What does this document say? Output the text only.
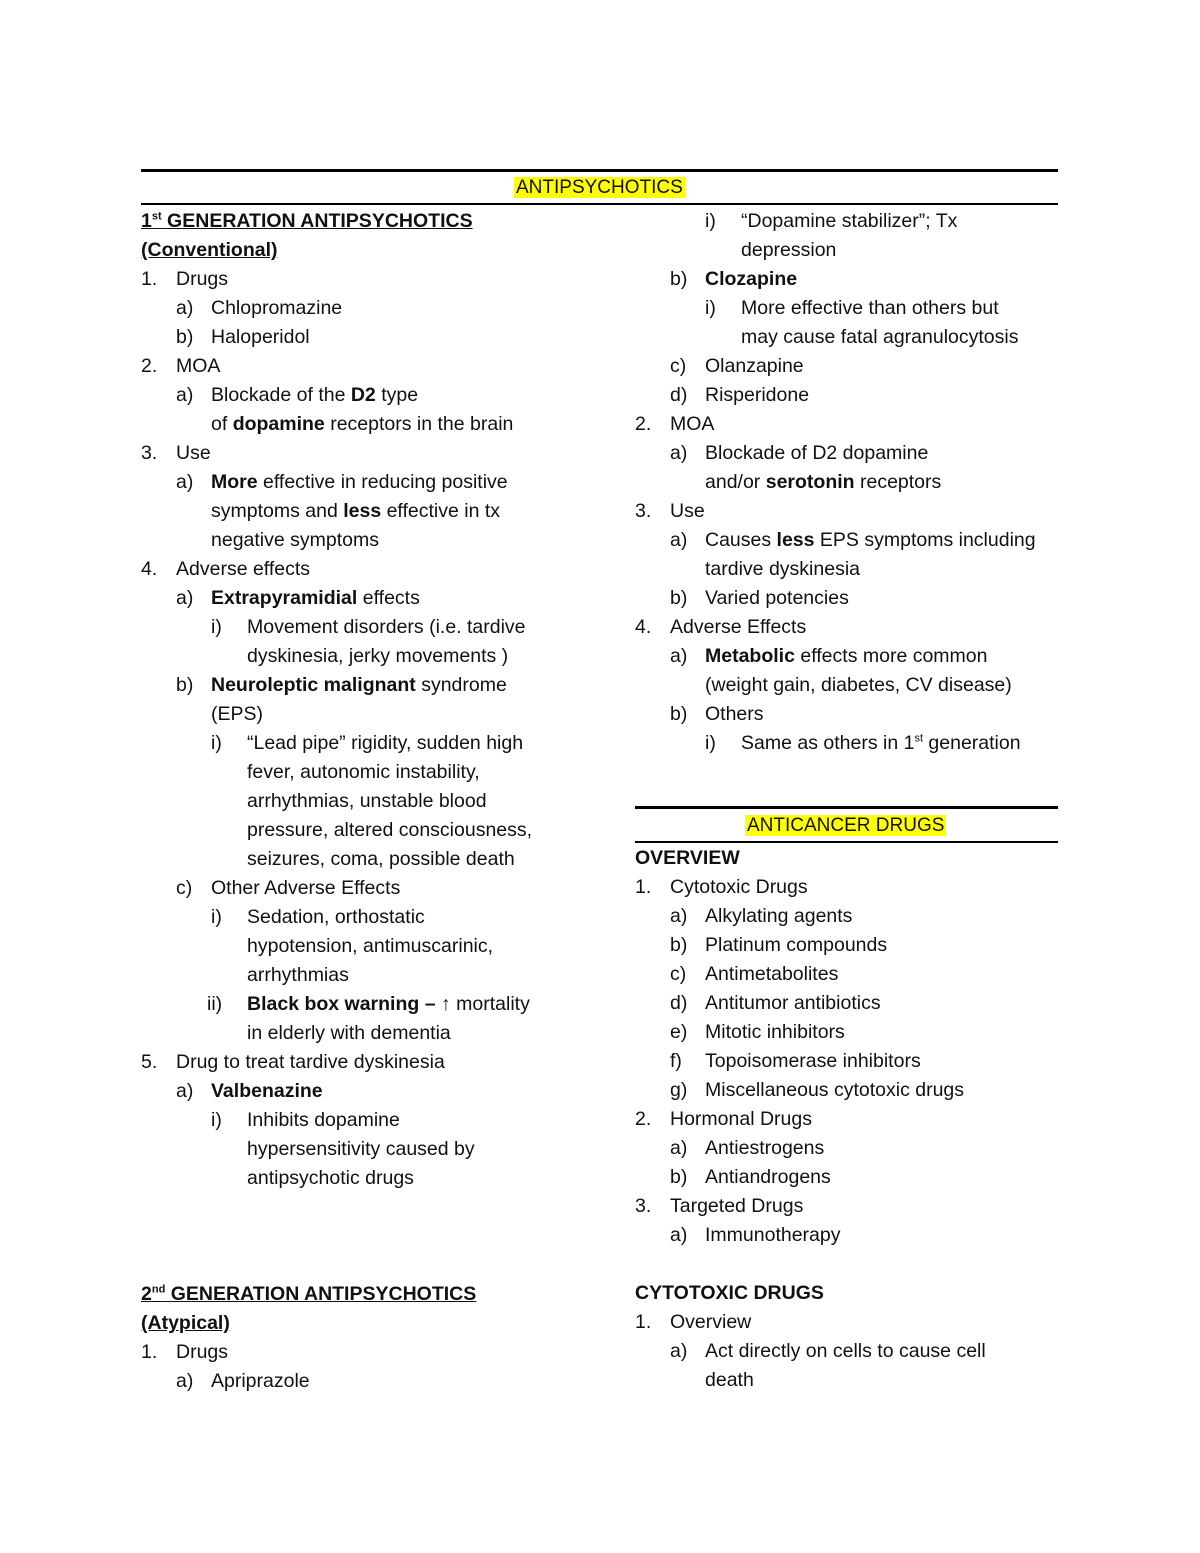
ANTIPSYCHOTICS
1st GENERATION ANTIPSYCHOTICS
(Conventional)
1. Drugs
a) Chlopromazine
b) Haloperidol
2. MOA
a) Blockade of the D2 type
of dopamine receptors in the brain
3. Use
a) More effective in reducing positive
symptoms and less effective in tx
negative symptoms
4. Adverse effects
a) Extrapyramidial effects
i) Movement disorders (i.e. tardive
dyskinesia, jerky movements )
b) Neuroleptic malignant syndrome
(EPS)
i) “Lead pipe” rigidity, sudden high
fever, autonomic instability,
arrhythmias, unstable blood
pressure, altered consciousness,
seizures, coma, possible death
c) Other Adverse Effects
i) Sedation, orthostatic
hypotension, antimuscarinic,
arrhythmias
ii) Black box warning – ↑ mortality
in elderly with dementia
5. Drug to treat tardive dyskinesia
a) Valbenazine
i) Inhibits dopamine
hypersensitivity caused by
antipsychotic drugs
2nd GENERATION ANTIPSYCHOTICS
(Atypical)
1. Drugs
a) Apriprazole
i) “Dopamine stabilizer”; Tx
depression
b) Clozapine
i) More effective than others but
may cause fatal agranulocytosis
c) Olanzapine
d) Risperidone
2. MOA
a) Blockade of D2 dopamine
and/or serotonin receptors
3. Use
a) Causes less EPS symptoms including
tardive dyskinesia
b) Varied potencies
4. Adverse Effects
a) Metabolic effects more common
(weight gain, diabetes, CV disease)
b) Others
i) Same as others in 1st generation
ANTICANCER DRUGS
OVERVIEW
1. Cytotoxic Drugs
a) Alkylating agents
b) Platinum compounds
c) Antimetabolites
d) Antitumor antibiotics
e) Mitotic inhibitors
f) Topoisomerase inhibitors
g) Miscellaneous cytotoxic drugs
2. Hormonal Drugs
a) Antiestrogens
b) Antiandrogens
3. Targeted Drugs
a) Immunotherapy
CYTOTOXIC DRUGS
1. Overview
a) Act directly on cells to cause cell
death
